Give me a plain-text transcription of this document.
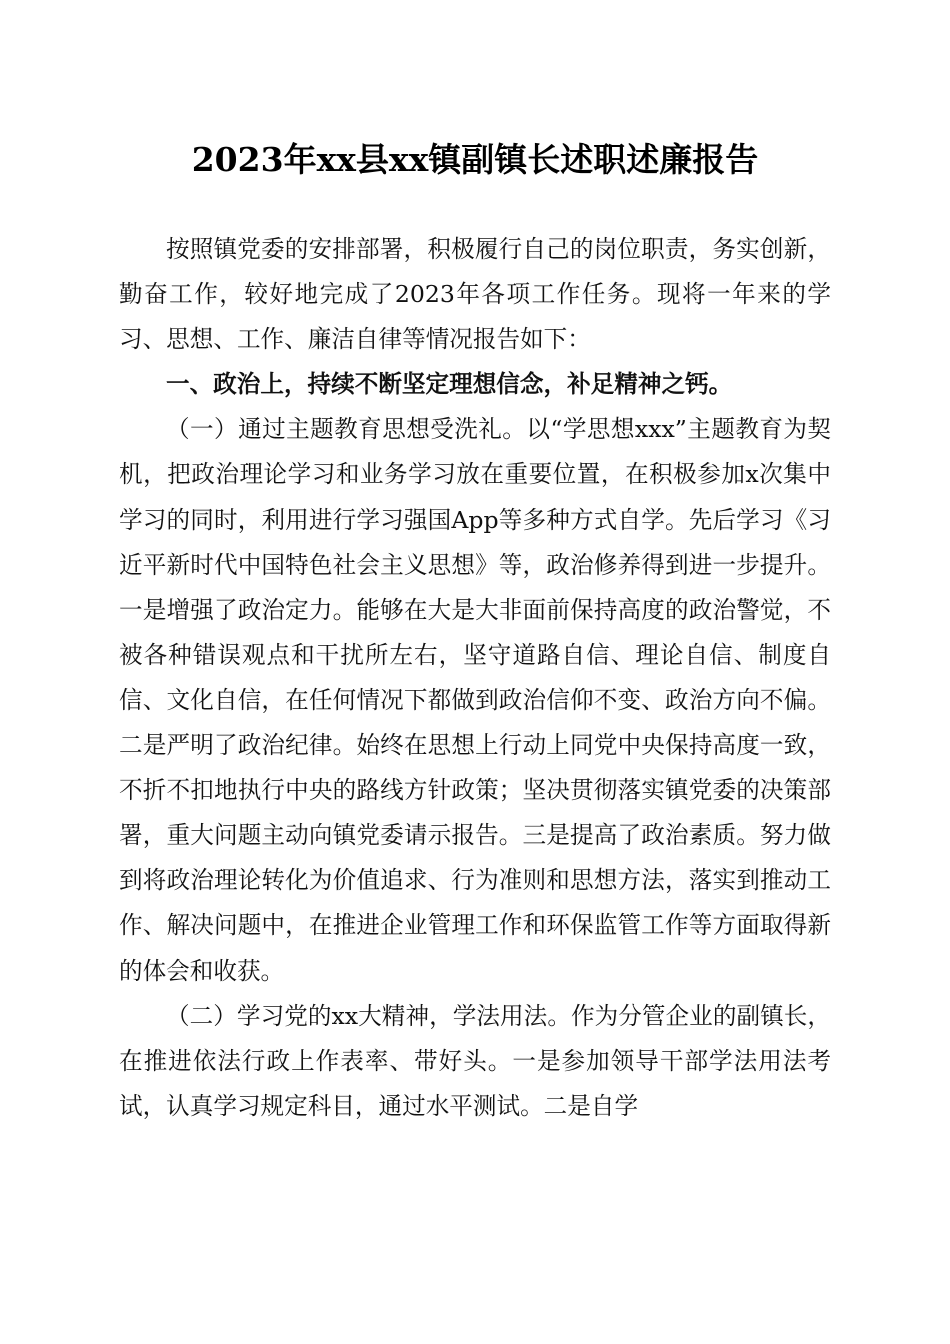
2023年xx县xx镇副镇长述职述廉报告

按照镇党委的安排部署，积极履行自己的岗位职责，务实创新，勤奋工作，较好地完成了2023年各项工作任务。现将一年来的学习、思想、工作、廉洁自律等情况报告如下：

一、政治上，持续不断坚定理想信念，补足精神之钙。

（一）通过主题教育思想受洗礼。以“学思想xxx”主题教育为契机，把政治理论学习和业务学习放在重要位置，在积极参加x次集中学习的同时，利用进行学习强国App等多种方式自学。先后学习《习近平新时代中国特色社会主义思想》等，政治修养得到进一步提升。一是增强了政治定力。能够在大是大非面前保持高度的政治警觉，不被各种错误观点和干扰所左右，坚守道路自信、理论自信、制度自信、文化自信，在任何情况下都做到政治信仰不变、政治方向不偏。二是严明了政治纪律。始终在思想上行动上同党中央保持高度一致，不折不扣地执行中央的路线方针政策；坚决贯彻落实镇党委的决策部署，重大问题主动向镇党委请示报告。三是提高了政治素质。努力做到将政治理论转化为价值追求、行为准则和思想方法，落实到推动工作、解决问题中，在推进企业管理工作和环保监管工作等方面取得新的体会和收获。

（二）学习党的xx大精神，学法用法。作为分管企业的副镇长，在推进依法行政上作表率、带好头。一是参加领导干部学法用法考试，认真学习规定科目，通过水平测试。二是自学
